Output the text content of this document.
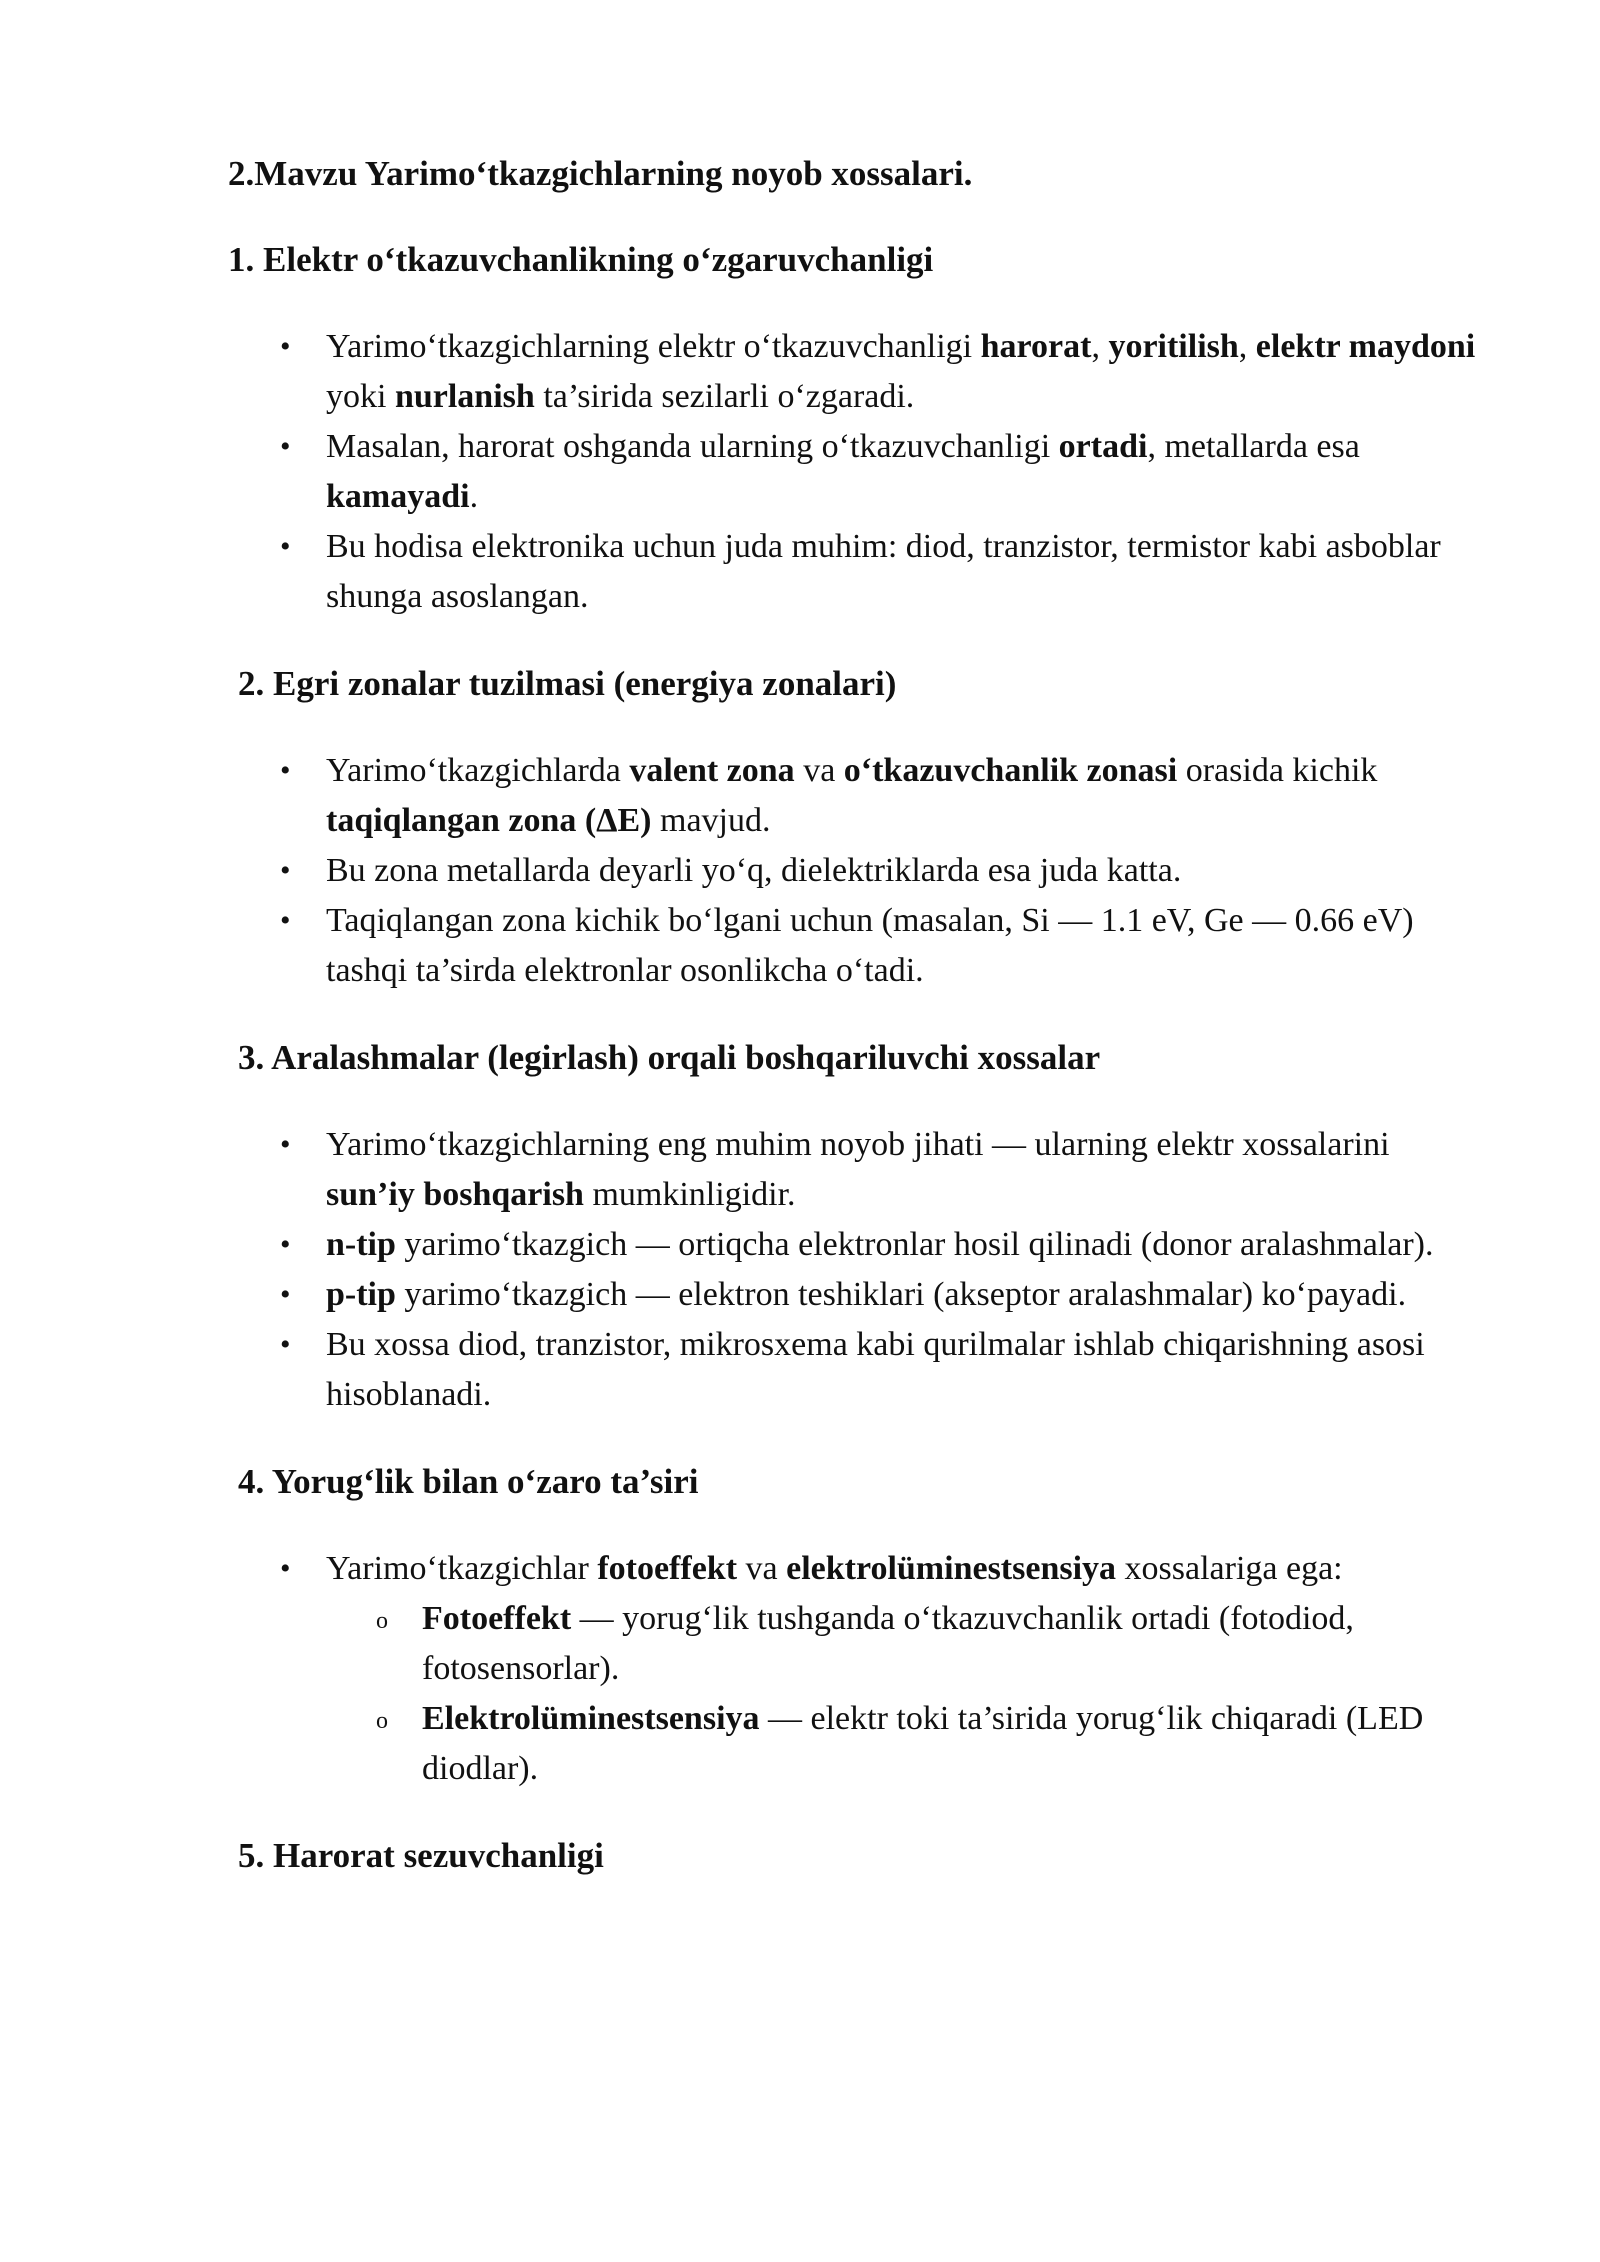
2.Mavzu Yarimo‘tkazgichlarning noyob xossalari.
1. Elektr o‘tkazuvchanlikning o‘zgaruvchanligi
• Yarimo‘tkazgichlarning elektr o‘tkazuvchanligi harorat, yoritilish, elektr maydoni yoki nurlanish ta’sirida sezilarli o‘zgaradi.
• Masalan, harorat oshganda ularning o‘tkazuvchanligi ortadi, metallarda esa kamayadi.
• Bu hodisa elektronika uchun juda muhim: diod, tranzistor, termistor kabi asboblar shunga asoslangan.
2. Egri zonalar tuzilmasi (energiya zonalari)
• Yarimo‘tkazgichlarda valent zona va o‘tkazuvchanlik zonasi orasida kichik taqiqlangan zona (ΔE) mavjud.
• Bu zona metallarda deyarli yo‘q, dielektriklarda esa juda katta.
• Taqiqlangan zona kichik bo‘lgani uchun (masalan, Si — 1.1 eV, Ge — 0.66 eV) tashqi ta’sirda elektronlar osonlikcha o‘tadi.
3. Aralashmalar (legirlash) orqali boshqariluvchi xossalar
• Yarimo‘tkazgichlarning eng muhim noyob jihati — ularning elektr xossalarini sun’iy boshqarish mumkinligidir.
• n-tip yarimo‘tkazgich — ortiqcha elektronlar hosil qilinadi (donor aralashmalar).
• p-tip yarimo‘tkazgich — elektron teshiklari (akseptor aralashmalar) ko‘payadi.
• Bu xossa diod, tranzistor, mikrosxema kabi qurilmalar ishlab chiqarishning asosi hisoblanadi.
4. Yorug‘lik bilan o‘zaro ta’siri
• Yarimo‘tkazgichlar fotoeffekt va elektrolüminestsensiya xossalariga ega:
o Fotoeffekt — yorug‘lik tushganda o‘tkazuvchanlik ortadi (fotodiod, fotosensorlar).
o Elektrolüminestsensiya — elektr toki ta’sirida yorug‘lik chiqaradi (LED diodlar).
5. Harorat sezuvchanligi
